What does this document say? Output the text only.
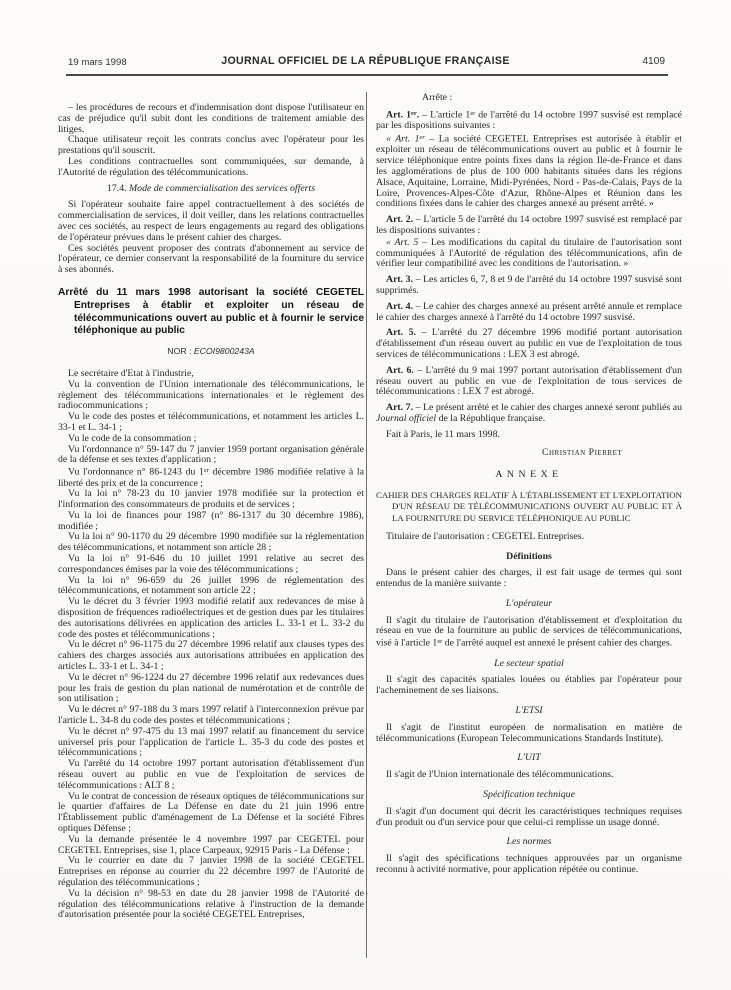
19 mars 1998	JOURNAL OFFICIEL DE LA RÉPUBLIQUE FRANÇAISE	4109

– les procédures de recours et d'indemnisation dont dispose l'utilisateur en cas de préjudice qu'il subit dont les conditions de traitement amiable des litiges.

Chaque utilisateur reçoit les contrats conclus avec l'opérateur pour les prestations qu'il souscrit.

Les conditions contractuelles sont communiquées, sur demande, à l'Autorité de régulation des télécommunications.

17.4. Mode de commercialisation des services offerts

Si l'opérateur souhaite faire appel contractuellement à des sociétés de commercialisation de services, il doit veiller, dans les relations contractuelles avec ces sociétés, au respect de leurs engagements au regard des obligations de l'opérateur prévues dans le présent cahier des charges.

Ces sociétés peuvent proposer des contrats d'abonnement au service de l'opérateur, ce dernier conservant la responsabilité de la fourniture du service à ses abonnés.

Arrêté du 11 mars 1998 autorisant la société CEGETEL Entreprises à établir et exploiter un réseau de télécommunications ouvert au public et à fournir le service téléphonique au public

NOR : ECOI9800243A

Le secrétaire d'Etat à l'industrie,

Vu la convention de l'Union internationale des télécommunications, le règlement des télécommunications internationales et le règlement des radiocommunications ;

Vu le code des postes et télécommunications, et notamment les articles L. 33-1 et L. 34-1 ;

Vu le code de la consommation ;

Vu l'ordonnance n° 59-147 du 7 janvier 1959 portant organisation générale de la défense et ses textes d'application ;

Vu l'ordonnance n° 86-1243 du 1er décembre 1986 modifiée relative à la liberté des prix et de la concurrence ;

Vu la loi n° 78-23 du 10 janvier 1978 modifiée sur la protection et l'information des consommateurs de produits et de services ;

Vu la loi de finances pour 1987 (n° 86-1317 du 30 décembre 1986), modifiée ;

Vu la loi n° 90-1170 du 29 décembre 1990 modifiée sur la réglementation des télécommunications, et notamment son article 28 ;

Vu la loi n° 91-646 du 10 juillet 1991 relative au secret des correspondances émises par la voie des télécommunications ;

Vu la loi n° 96-659 du 26 juillet 1996 de réglementation des télécommunications, et notamment son article 22 ;

Vu le décret du 3 février 1993 modifié relatif aux redevances de mise à disposition de fréquences radioélectriques et de gestion dues par les titulaires des autorisations délivrées en application des articles L. 33-1 et L. 33-2 du code des postes et télécommunications ;

Vu le décret n° 96-1175 du 27 décembre 1996 relatif aux clauses types des cahiers des charges associés aux autorisations attribuées en application des articles L. 33-1 et L. 34-1 ;

Vu le décret n° 96-1224 du 27 décembre 1996 relatif aux redevances dues pour les frais de gestion du plan national de numérotation et de contrôle de son utilisation ;

Vu le décret n° 97-188 du 3 mars 1997 relatif à l'interconnexion prévue par l'article L. 34-8 du code des postes et télécommunications ;

Vu le décret n° 97-475 du 13 mai 1997 relatif au financement du service universel pris pour l'application de l'article L. 35-3 du code des postes et télécommunications ;

Vu l'arrêté du 14 octobre 1997 portant autorisation d'établissement d'un réseau ouvert au public en vue de l'exploitation de services de télécommunications : ALT 8 ;

Vu le contrat de concession de réseaux optiques de télécommunications sur le quartier d'affaires de La Défense en date du 21 juin 1996 entre l'Établissement public d'aménagement de La Défense et la société Fibres optiques Défense ;

Vu la demande présentée le 4 novembre 1997 par CEGETEL pour CEGETEL Entreprises, sise 1, place Carpeaux, 92915 Paris - La Défense ;

Vu le courrier en date du 7 janvier 1998 de la société CEGETEL Entreprises en réponse au courrier du 22 décembre 1997 de l'Autorité de régulation des télécommunications ;

Vu la décision n° 98-53 en date du 28 janvier 1998 de l'Autorité de régulation des télécommunications relative à l'instruction de la demande d'autorisation présentée pour la société CEGETEL Entreprises,

Arrête :

Art. 1er. – L'article 1er de l'arrêté du 14 octobre 1997 susvisé est remplacé par les dispositions suivantes :

« Art. 1er – La société CEGETEL Entreprises est autorisée à établir et exploiter un réseau de télécommunications ouvert au public et à fournir le service téléphonique entre points fixes dans la région Ile-de-France et dans les agglomérations de plus de 100 000 habitants situées dans les régions Alsace, Aquitaine, Lorraine, Midi-Pyrénées, Nord - Pas-de-Calais, Pays de la Loire, Provences-Alpes-Côte d'Azur, Rhône-Alpes et Réunion dans les conditions fixées dans le cahier des charges annexé au présent arrêté. »

Art. 2. – L'article 5 de l'arrêté du 14 octobre 1997 susvisé est remplacé par les dispositions suivantes :

« Art. 5 – Les modifications du capital du titulaire de l'autorisation sont communiquées à l'Autorité de régulation des télécommunications, afin de vérifier leur compatibilité avec les conditions de l'autorisation. »

Art. 3. – Les articles 6, 7, 8 et 9 de l'arrêté du 14 octobre 1997 susvisé sont supprimés.

Art. 4. – Le cahier des charges annexé au présent arrêté annule et remplace le cahier des charges annexé à l'arrêté du 14 octobre 1997 susvisé.

Art. 5. – L'arrêté du 27 décembre 1996 modifié portant autorisation d'établissement d'un réseau ouvert au public en vue de l'exploitation de tous services de télécommunications : LEX 3 est abrogé.

Art. 6. – L'arrêté du 9 mai 1997 portant autorisation d'établissement d'un réseau ouvert au public en vue de l'exploitation de tous services de télécommunications : LEX 7 est abrogé.

Art. 7. – Le présent arrêté et le cahier des charges annexé seront publiés au Journal officiel de la République française.

Fait à Paris, le 11 mars 1998.

Christian Pierret

ANNEXE

CAHIER DES CHARGES RELATIF À L'ÉTABLISSEMENT ET L'EXPLOITATION D'UN RÉSEAU DE TÉLÉCOMMUNICATIONS OUVERT AU PUBLIC ET À LA FOURNITURE DU SERVICE TÉLÉPHONIQUE AU PUBLIC

Titulaire de l'autorisation : CEGETEL Entreprises.

Définitions

Dans le présent cahier des charges, il est fait usage de termes qui sont entendus de la manière suivante :

L'opérateur

Il s'agit du titulaire de l'autorisation d'établissement et d'exploitation du réseau en vue de la fourniture au public de services de télécommunications, visé à l'article 1er de l'arrêté auquel est annexé le présent cahier des charges.

Le secteur spatial

Il s'agit des capacités spatiales louées ou établies par l'opérateur pour l'acheminement de ses liaisons.

L'ETSI

Il s'agit de l'institut européen de normalisation en matière de télécommunications (European Telecommunications Standards Institute).

L'UIT

Il s'agit de l'Union internationale des télécommunications.

Spécification technique

Il s'agit d'un document qui décrit les caractéristiques techniques requises d'un produit ou d'un service pour que celui-ci remplisse un usage donné.

Les normes

Il s'agit des spécifications techniques approuvées par un organisme reconnu à activité normative, pour application répétée ou continue.
